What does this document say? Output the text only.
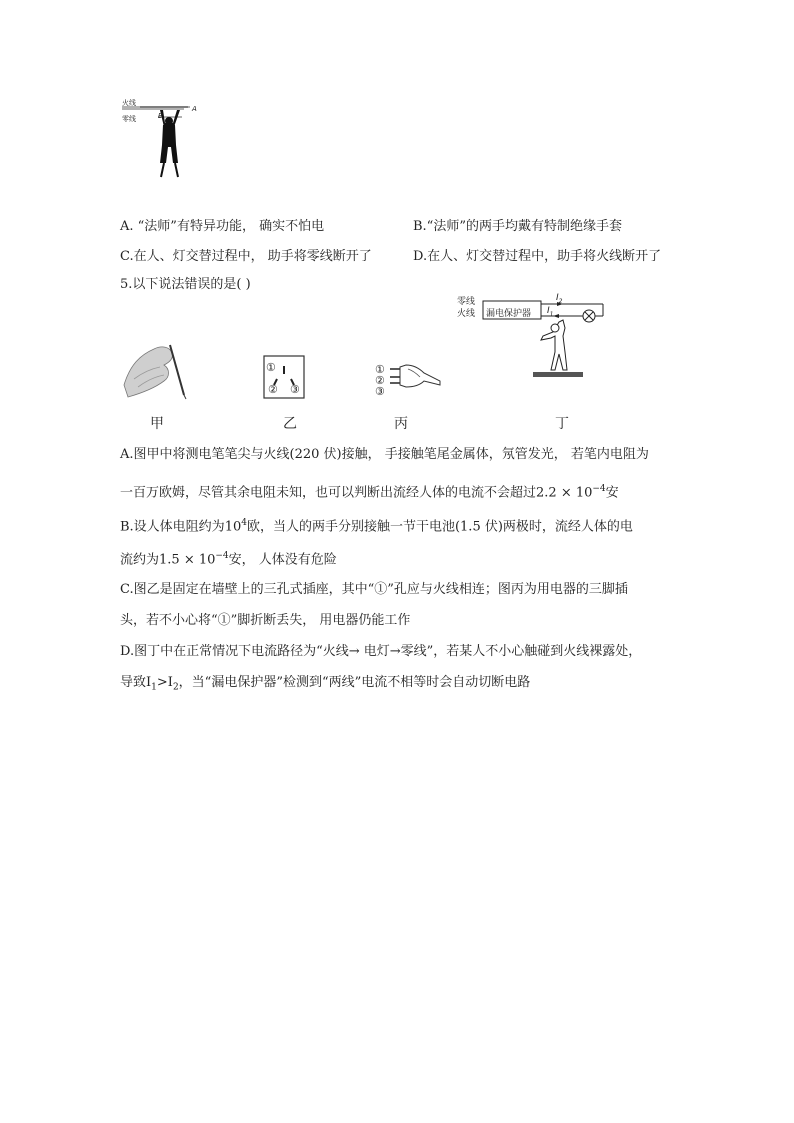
火线
零线
A
B
A. “法师”有特异功能， 确实不怕电	B.“法师”的两手均戴有特制绝缘手套
C.在人、灯交替过程中， 助手将零线断开了	D.在人、灯交替过程中，助手将火线断开了
5.以下说法错误的是( )
①
② ③
①
②
③
零线
火线 漏电保护器
$I_2$
$I_1$
甲	乙	丙	丁
A.图甲中将测电笔笔尖与火线(220 伏)接触， 手接触笔尾金属体，氖管发光， 若笔内电阻为
一百万欧姆，尽管其余电阻未知，也可以判断出流经人体的电流不会超过$2.2 \times 10^{-4}$安
B.设人体电阻约为$10^4$欧，当人的两手分别接触一节干电池(1.5 伏)两极时，流经人体的电
流约为$1.5 \times 10^{-4}$安， 人体没有危险
C.图乙是固定在墙壁上的三孔式插座，其中“①”孔应与火线相连；图丙为用电器的三脚插
头，若不小心将“①”脚折断丢失， 用电器仍能工作
D.图丁中在正常情况下电流路径为“火线→ 电灯→零线”，若某人不小心触碰到火线裸露处，
导致$I_1>I_2$，当“漏电保护器”检测到“两线”电流不相等时会自动切断电路
